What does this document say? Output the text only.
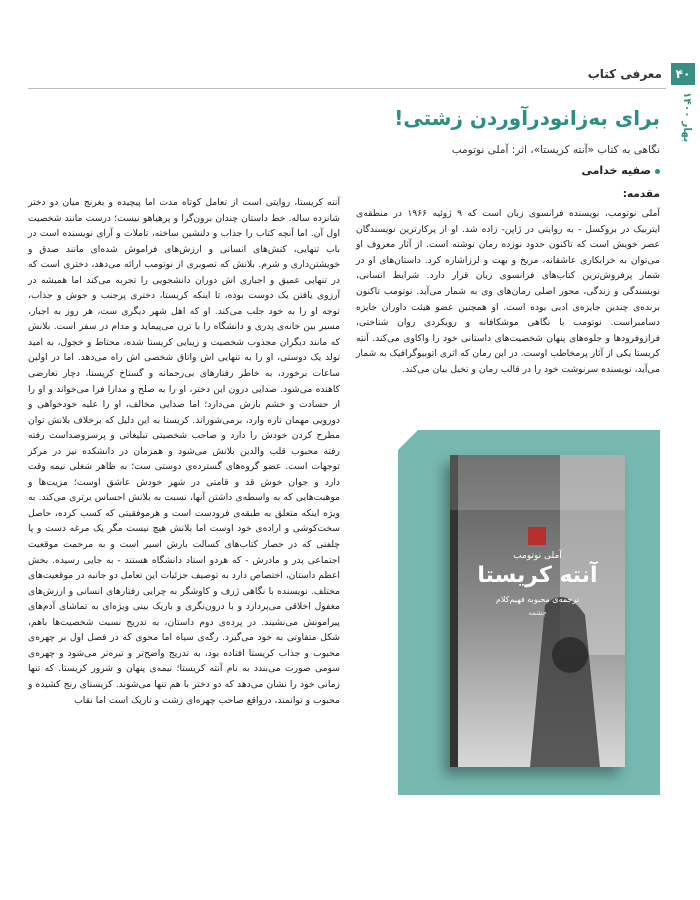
۴۰
بهار ۱۴۰۰
معرفی کتاب
برای به‌زانودرآوردن زشتی!
نگاهی به کتاب «آنته کریستا»، اثر: آملی نوتومب
صفیه خدامی
مقدمه:
آملی نوتومب، نویسنده فرانسوی زبان است که ۹ ژوئیه ۱۹۶۶ در منطقه‌ی ایتربیک در بروکسل - به روایتی در ژاپن- زاده شد. او از پرکارترین نویسندگان عصر خویش است که تاکنون حدود نوزده رمان نوشته است. از آثار معروف او می‌توان به خرابکاری عاشقانه، مریخ و بهت و لرزاشاره کرد. داستان‌های او در شمار پرفروش‌ترین کتاب‌های فرانسوی زبان قرار دارد. شرایط انسانی، نویسندگی و زندگی، محور اصلی رمان‌های وی به شمار می‌آید. نوتومب تاکنون برنده‌ی چندین جایزه‌ی ادبی بوده است. او همچنین عضو هیئت داوران جایزه دسامبراست. نوتومب با نگاهی موشکافانه و رویکردی روان شناختی، فرازوفرودها و جلوه‌های پنهان شخصیت‌های داستانی خود را واکاوی می‌کند. آنته کریستا یکی از آثار پرمخاطب اوست. در این رمان که اثری اتوبیوگرافیک به شمار می‌آید، نویسنده سرنوشت خود را در قالب رمان و تخیل بیان می‌کند.
آنته کریستا، روایتی است از تعامل کوتاه مدت اما پیچیده و بغرنج میان دو دختر شانزده ساله. خط داستان چندان برون‌گرا و پرهیاهو نیست؛ درست مانند شخصیت اول آن. اما آنچه کتاب را جذاب و دلنشین ساخته، تاملات و آرای نویسنده است در باب تنهایی، کنش‌های انسانی و ارزش‌های فراموش شده‌ای مانند صدق و خویشتن‌داری و شرم. بلانش که تصویری از نوتومب ارائه می‌دهد، دختری است که در تنهایی عمیق و اجباری اش دوران دانشجویی را تجربه می‌کند اما همیشه در آرزوی یافتن یک دوست بوده، تا اینکه کریستا، دختری پرجنب و جوش و جذاب، توجه او را به خود جلب می‌کند. او که اهل شهر دیگری ست، هر روز به اجبار، مسیر بین خانه‌ی پدری و دانشگاه را با ترن می‌پیماید و مدام در سفر است. بلانش که مانند دیگران مجذوب شخصیت و زیبایی کریستا شده، محتاط و خجول، به امید تولد یک دوستی، او را به تنهایی اش واتاق شخصی اش راه می‌دهد. اما در اولین ساعات برخورد، به خاطر رفتارهای بی‌رحمانه و گستاخ کریستا، دچار تعارضی کاهنده می‌شود. صدایی درون این دختر، او را به صلح و مدارا فرا می‌خواند و او را از حسادت و خشم بازش می‌دارد؛ اما صدایی مخالف، او را علیه خودخواهی و دورویی مهمان تازه وارد، برمی‌شوراند. کریستا به این دلیل که برخلاف بلانش توان مطرح کردن خودش را دارد و صاحب شخصیتی تبلیغاتی و پرسروصداست رفته رفته محبوب قلب والدین بلانش می‌شود و همزمان در دانشکده نیز در مرکز توجهات است. عضو گروه‌های گسترده‌ی دوستی ست؛ به ظاهر شغلی نیمه وقت دارد و جوان خوش قد و قامتی در شهر خودش عاشق اوست؛ مزیت‌ها و موهبت‌هایی که به واسطه‌ی داشتن آنها، نسبت به بلانش احساس برتری می‌کند. به ویژه اینکه متعلق به طبقه‌ی فرودست است و هرموفقیتی که کسب کرده، حاصل سخت‌کوشی و اراده‌ی خود اوست اما بلانش هیچ نیست مگر یک مرغه دست و پا چلفتی که در حصار کتاب‌های کسالت بارش اسیر است و به مرحمت موقعیت اجتماعی پدر و مادرش - که هردو استاد دانشگاه هستند - به جایی رسیده. بخش اعظم داستان، اختصاص دارد به توصیف جزئیات این تعامل دو جانبه در موقعیت‌های مختلف. نویسنده با نگاهی ژرف و کاوشگر به چرایی رفتارهای انسانی و ارزش‌های مغفول اخلاقی می‌پردازد و با درون‌نگری و باریک بینی ویژه‌ای به تماشای آدم‌های پیرامونش می‌نشیند. در پرده‌ی دوم داستان، به تدریج نسبت شخصیت‌ها باهم، شکل متفاوتی به خود می‌گیرد. رگه‌ی سیاه اما محوی که در فصل اول بر چهره‌ی محبوب و جذاب کریستا افتاده بود، به تدریج واضح‌تر و تیره‌تر می‌شود و چهره‌ی سومی صورت می‌بندد به نام آنته کریستا؛ نیمه‌ی پنهان و شرور کریستا. که تنها زمانی خود را نشان می‌دهد که دو دختر با هم تنها می‌شوند. کریستای رنج کشیده و محبوب و توانمند، درواقع صاحب چهره‌ای زشت و تاریک است اما نقاب
آملی نوتومب
آنته کریستا
ترجمه‌ی محبوبه فهیم‌کلام
چشمه
